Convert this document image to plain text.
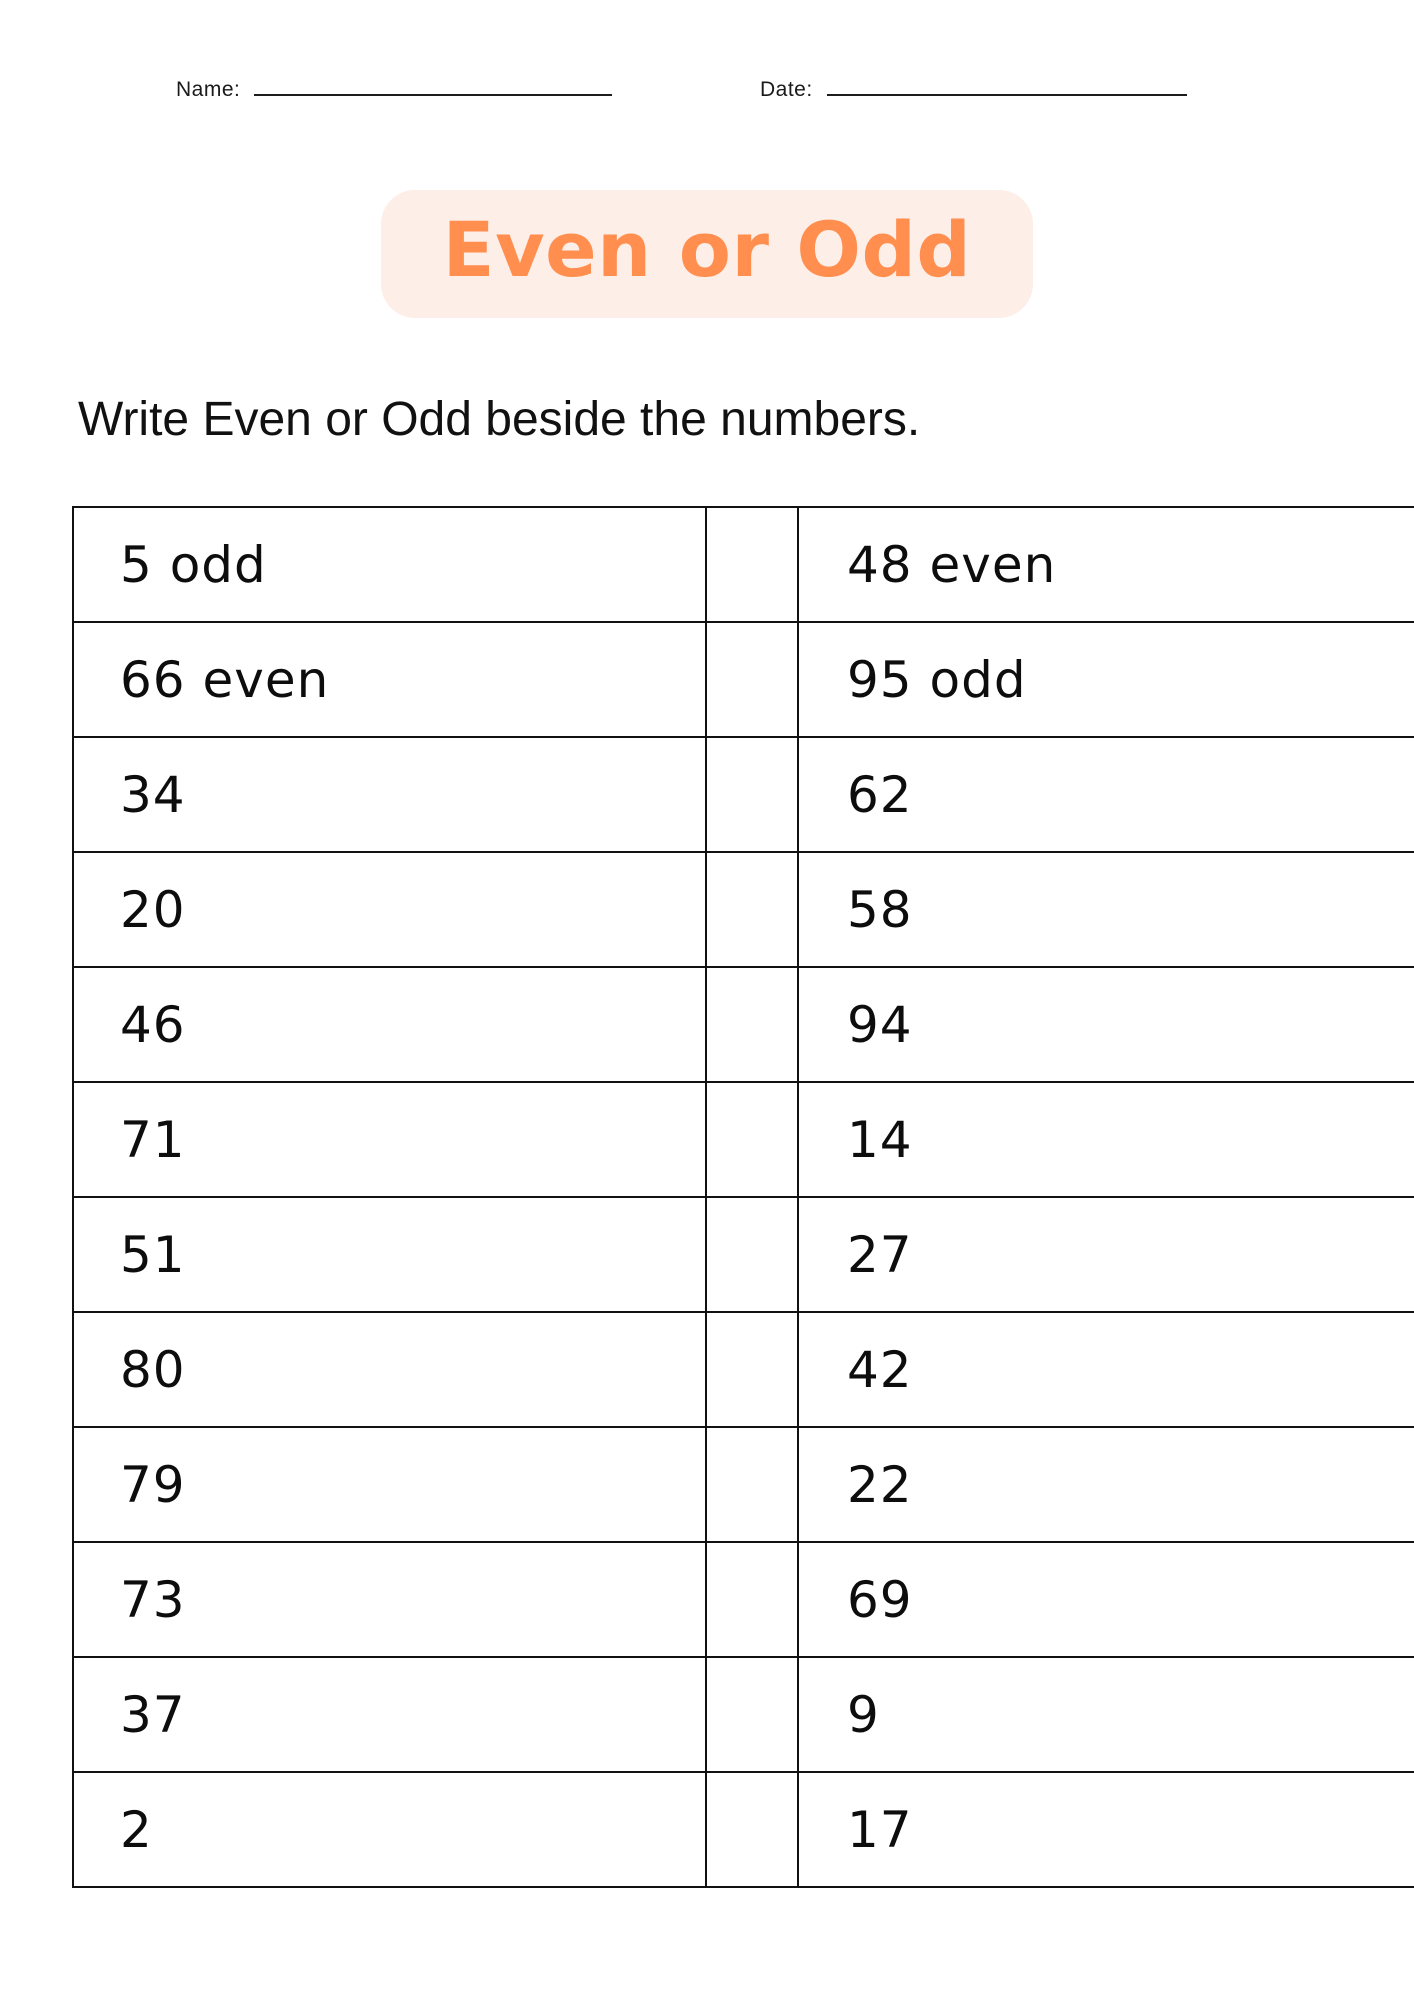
Name:	Date:
Even or Odd
Write Even or Odd beside the numbers.
5 odd		48 even
66 even		95 odd
34		62
20		58
46		94
71		14
51		27
80		42
79		22
73		69
37		9
2		17
